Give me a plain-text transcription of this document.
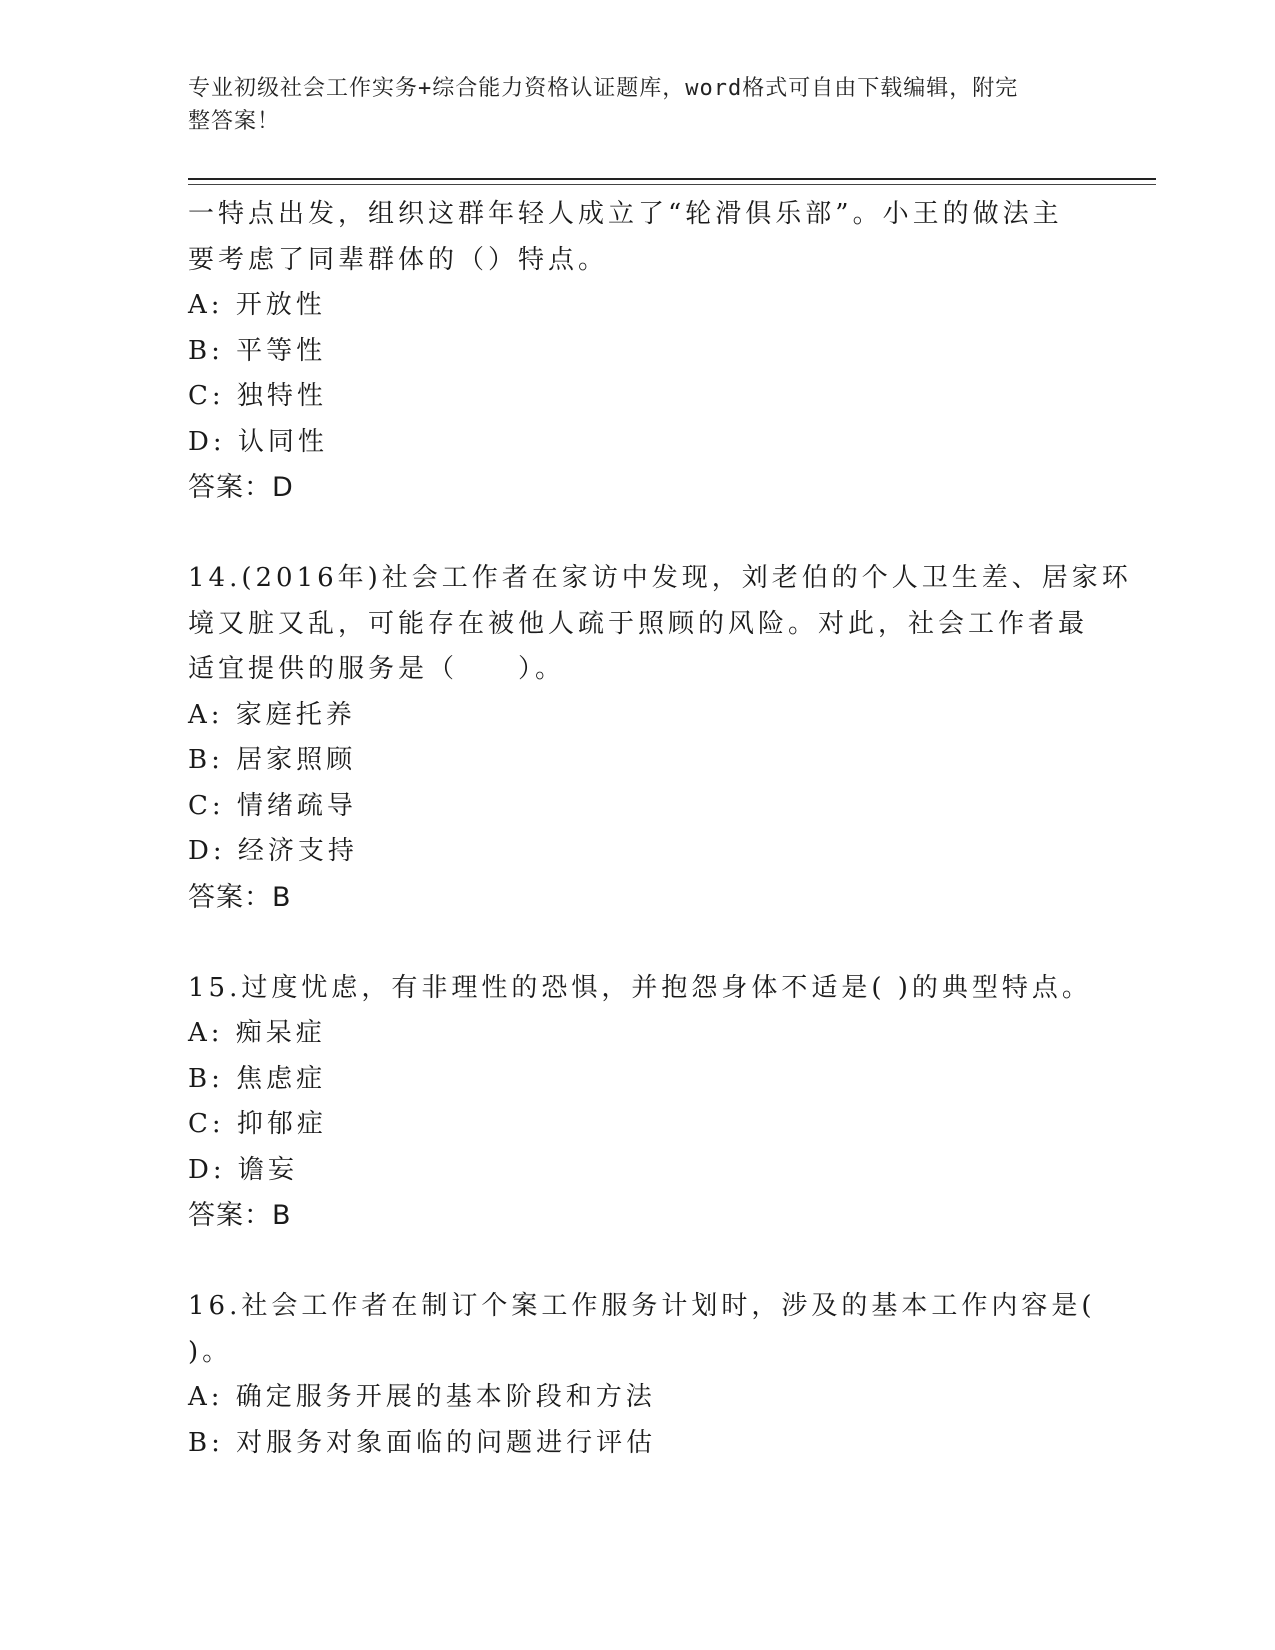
专业初级社会工作实务+综合能力资格认证题库，word格式可自由下载编辑，附完
整答案！
一特点出发，组织这群年轻人成立了“轮滑俱乐部”。小王的做法主
要考虑了同辈群体的（）特点。
A: 开放性
B: 平等性
C: 独特性
D: 认同性
答案：D
14.(2016年)社会工作者在家访中发现，刘老伯的个人卫生差、居家环
境又脏又乱，可能存在被他人疏于照顾的风险。对此，社会工作者最
适宜提供的服务是（　　）。
A: 家庭托养
B: 居家照顾
C: 情绪疏导
D: 经济支持
答案：B
15.过度忧虑，有非理性的恐惧，并抱怨身体不适是( )的典型特点。
A: 痴呆症
B: 焦虑症
C: 抑郁症
D: 谵妄
答案：B
16.社会工作者在制订个案工作服务计划时，涉及的基本工作内容是(
)。
A: 确定服务开展的基本阶段和方法
B: 对服务对象面临的问题进行评估
